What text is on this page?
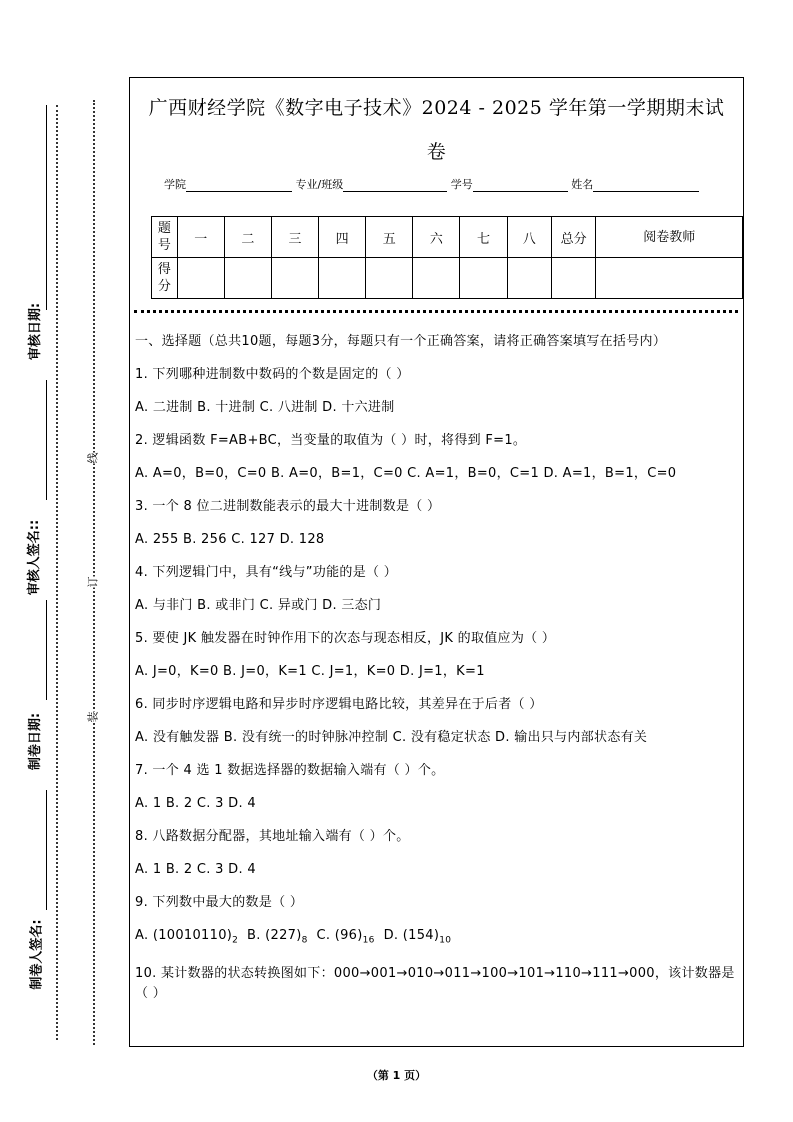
审核日期:
审核人签名::
制卷日期:
制卷人签名:
线
订
装
广西财经学院《数字电子技术》2024 - 2025 学年第一学期期末试
卷
学院	专业/班级	学号	姓名
题号	一	二	三	四	五	六	七	八	总分	阅卷教师
得分										

一、选择题（总共10题，每题3分，每题只有一个正确答案，请将正确答案填写在括号内）

1. 下列哪种进制数中数码的个数是固定的（ ）

A. 二进制 B. 十进制 C. 八进制 D. 十六进制

2. 逻辑函数 F=AB+BC，当变量的取值为（ ）时，将得到 F=1。

A. A=0，B=0，C=0 B. A=0，B=1，C=0 C. A=1，B=0，C=1 D. A=1，B=1，C=0

3. 一个 8 位二进制数能表示的最大十进制数是（ ）

A. 255 B. 256 C. 127 D. 128

4. 下列逻辑门中，具有“线与”功能的是（ ）

A. 与非门 B. 或非门 C. 异或门 D. 三态门

5. 要使 JK 触发器在时钟作用下的次态与现态相反，JK 的取值应为（ ）

A. J=0，K=0 B. J=0，K=1 C. J=1，K=0 D. J=1，K=1

6. 同步时序逻辑电路和异步时序逻辑电路比较，其差异在于后者（ ）

A. 没有触发器 B. 没有统一的时钟脉冲控制 C. 没有稳定状态 D. 输出只与内部状态有关

7. 一个 4 选 1 数据选择器的数据输入端有（ ）个。

A. 1 B. 2 C. 3 D. 4

8. 八路数据分配器，其地址输入端有（ ）个。

A. 1 B. 2 C. 3 D. 4

9. 下列数中最大的数是（ ）

A. $(10010110)_2$ B. $(227)_8$ C. $(96)_{16}$ D. $(154)_{10}$

10. 某计数器的状态转换图如下：000→001→010→011→100→101→110→111→000，该计数器是（ ）

（第 1 页）
